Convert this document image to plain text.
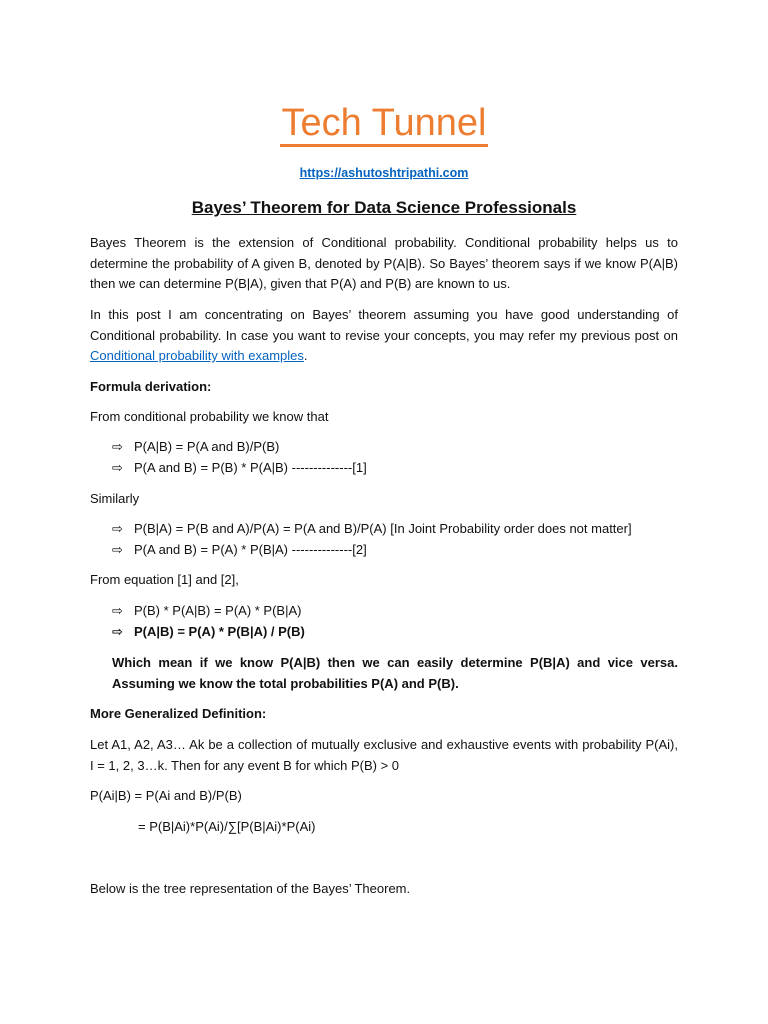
Tech Tunnel
https://ashutoshtripathi.com
Bayes’ Theorem for Data Science Professionals

Bayes Theorem is the extension of Conditional probability. Conditional probability helps us to determine the probability of A given B, denoted by P(A|B). So Bayes’ theorem says if we know P(A|B) then we can determine P(B|A), given that P(A) and P(B) are known to us.

In this post I am concentrating on Bayes’ theorem assuming you have good understanding of Conditional probability. In case you want to revise your concepts, you may refer my previous post on Conditional probability with examples.

Formula derivation:
From conditional probability we know that
⇨ P(A|B) = P(A and B)/P(B)
⇨ P(A and B) = P(B) * P(A|B) --------------[1]
Similarly
⇨ P(B|A) = P(B and A)/P(A) = P(A and B)/P(A) [In Joint Probability order does not matter]
⇨ P(A and B) = P(A) * P(B|A) --------------[2]
From equation [1] and [2],
⇨ P(B) * P(A|B) = P(A) * P(B|A)
⇨ P(A|B) = P(A) * P(B|A) / P(B)

Which mean if we know P(A|B) then we can easily determine P(B|A) and vice versa. Assuming we know the total probabilities P(A) and P(B).

More Generalized Definition:

Let A1, A2, A3… Ak be a collection of mutually exclusive and exhaustive events with probability P(Ai), I = 1, 2, 3…k. Then for any event B for which P(B) > 0

P(Ai|B) = P(Ai and B)/P(B)
= P(B|Ai)*P(Ai)/∑[P(B|Ai)*P(Ai)
Below is the tree representation of the Bayes’ Theorem.
